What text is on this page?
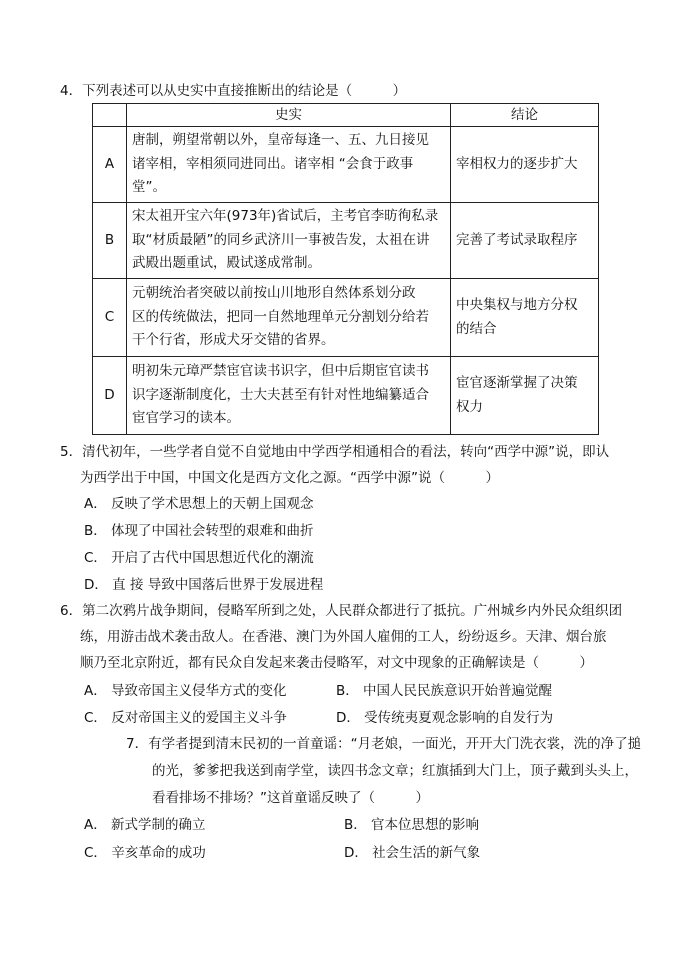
4．下列表述可以从史实中直接推断出的结论是（　　　）
	史实	结论
A	唐制，朔望常朝以外，皇帝每逢一、五、九日接见
诸宰相，宰相须同进同出。诸宰相 “会食于政事
堂”。	宰相权力的逐步扩大
B	宋太祖开宝六年(973年)省试后，主考官李昉徇私录
取“材质最陋”的同乡武济川一事被告发，太祖在讲
武殿出题重试，殿试遂成常制。	完善了考试录取程序
C	元朝统治者突破以前按山川地形自然体系划分政
区的传统做法，把同一自然地理单元分割划分给若
干个行省，形成犬牙交错的省界。	中央集权与地方分权
的结合
D	明初朱元璋严禁宦官读书识字，但中后期宦官读书
识字逐渐制度化，士大夫甚至有针对性地编纂适合
宦官学习的读本。	宦官逐渐掌握了决策
权力
5．清代初年，一些学者自觉不自觉地由中学西学相通相合的看法，转向“西学中源”说，即认
为西学出于中国，中国文化是西方文化之源。“西学中源”说（　　　）
A． 反映了学术思想上的天朝上国观念
B． 体现了中国社会转型的艰难和曲折
C． 开启了古代中国思想近代化的潮流
D． 直 接 导致中国落后世界于发展进程
6．第二次鸦片战争期间，侵略军所到之处，人民群众都进行了抵抗。广州城乡内外民众组织团
练，用游击战术袭击敌人。在香港、澳门为外国人雇佣的工人，纷纷返乡。天津、烟台旅
顺乃至北京附近，都有民众自发起来袭击侵略军，对文中现象的正确解读是（　　　）
A． 导致帝国主义侵华方式的变化	B． 中国人民民族意识开始普遍觉醒
C． 反对帝国主义的爱国主义斗争	D． 受传统夷夏观念影响的自发行为
7．有学者提到清末民初的一首童谣：“月老娘，一面光，开开大门洗衣裳，洗的净了搥
的光，爹爹把我送到南学堂，读四书念文章；红旗插到大门上，顶子戴到头头上，
看看排场不排场？”这首童谣反映了（　　　）
A． 新式学制的确立	B． 官本位思想的影响
C． 辛亥革命的成功	D． 社会生活的新气象
